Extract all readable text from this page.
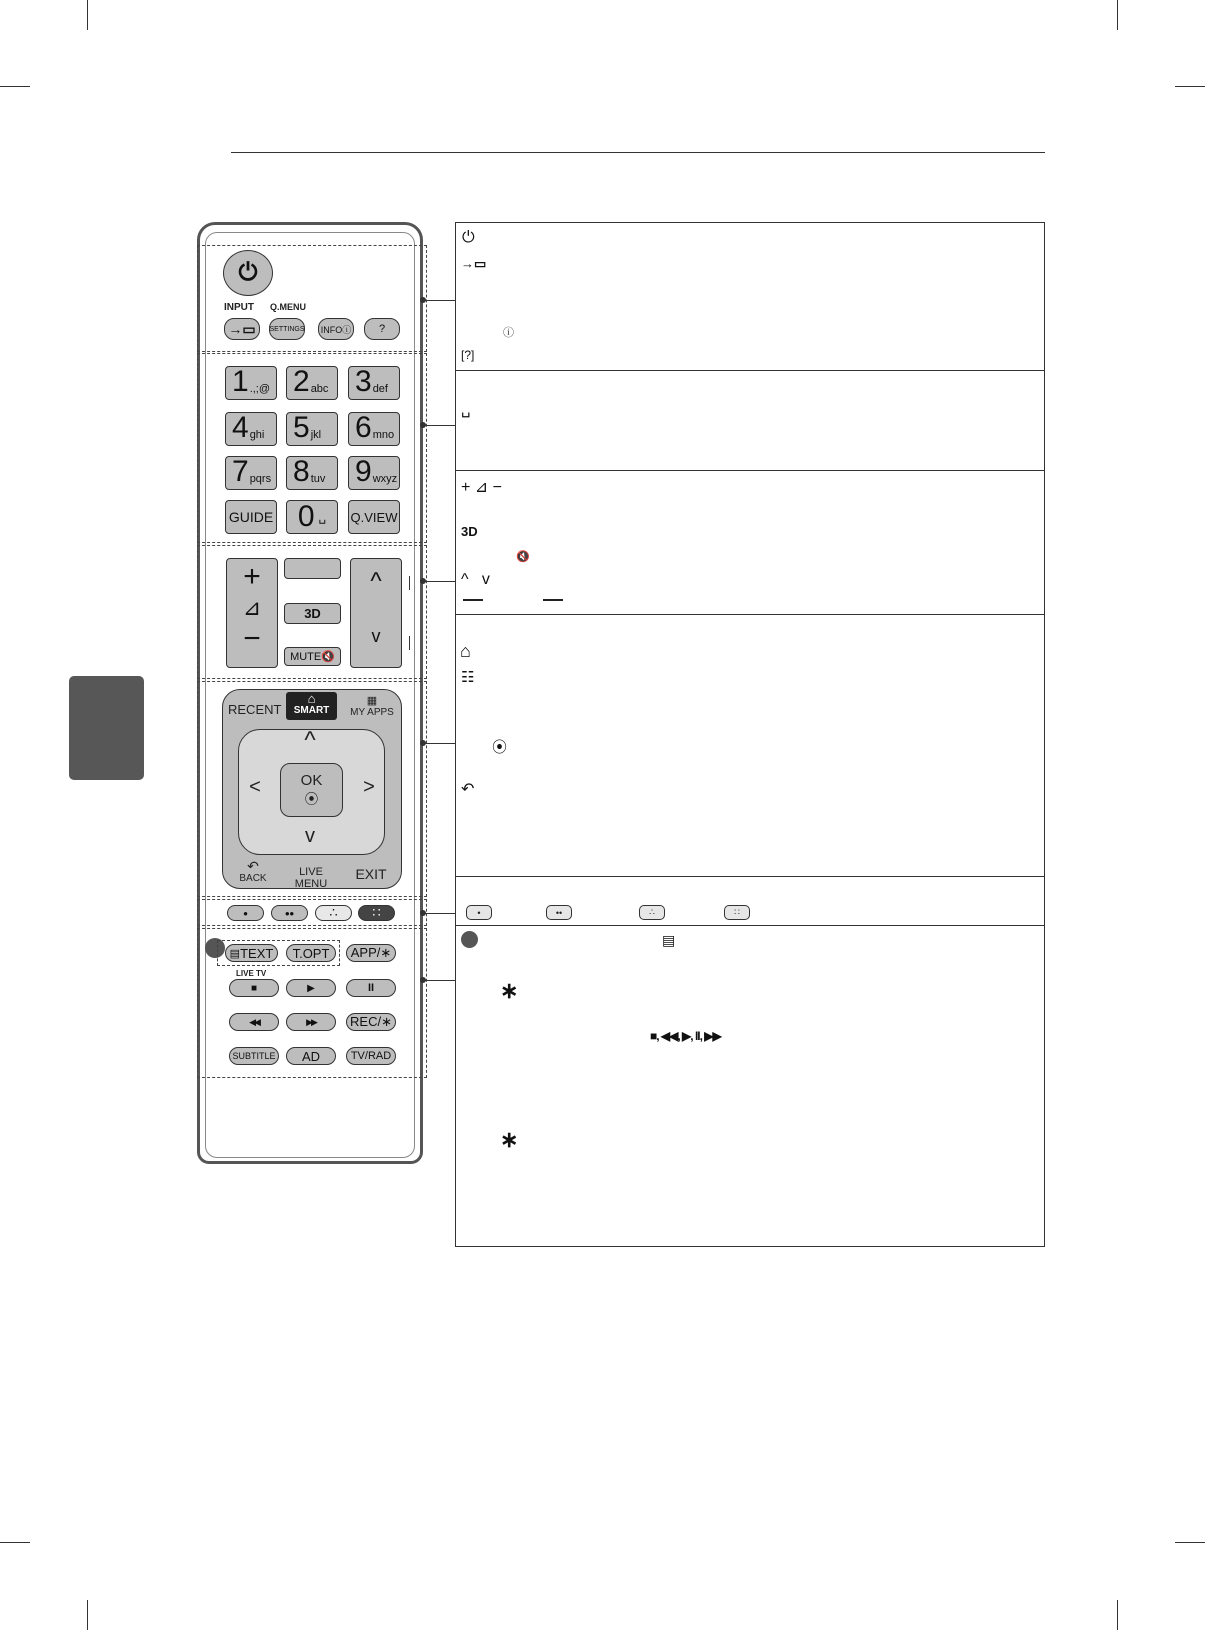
⏻
INPUT Q.MENU
→▭ SETTINGS	INFOⓘ	?
1 .,;@ 2 abc 3 def
4 ghi 5 jkl 6 mno
7 pqrs 8 tuv 9 wxyz
GUIDE 0 ␣ Q.VIEW
+
⊿
−
3D
MUTE🔇
^
v
RECENT
⌂
SMART
▦
MY APPS
^
v
<	>
OK
⦿
↶
BACK
LIVE MENU
EXIT
•	••	∴	∷
▤ TEXT	T.OPT	APP/∗
LIVE TV
■	▶	II
◀◀	▶▶	REC/∗
SUBTITLE	AD	TV/RAD
⏻
→▭
ⓘ
[?]
␣
+ ⊿ −
3D
🔇
^   v
⌂
☷
⦿
↶
•	••	∴	∷
▤
∗
■, ◀◀, ▶, II, ▶▶
∗
